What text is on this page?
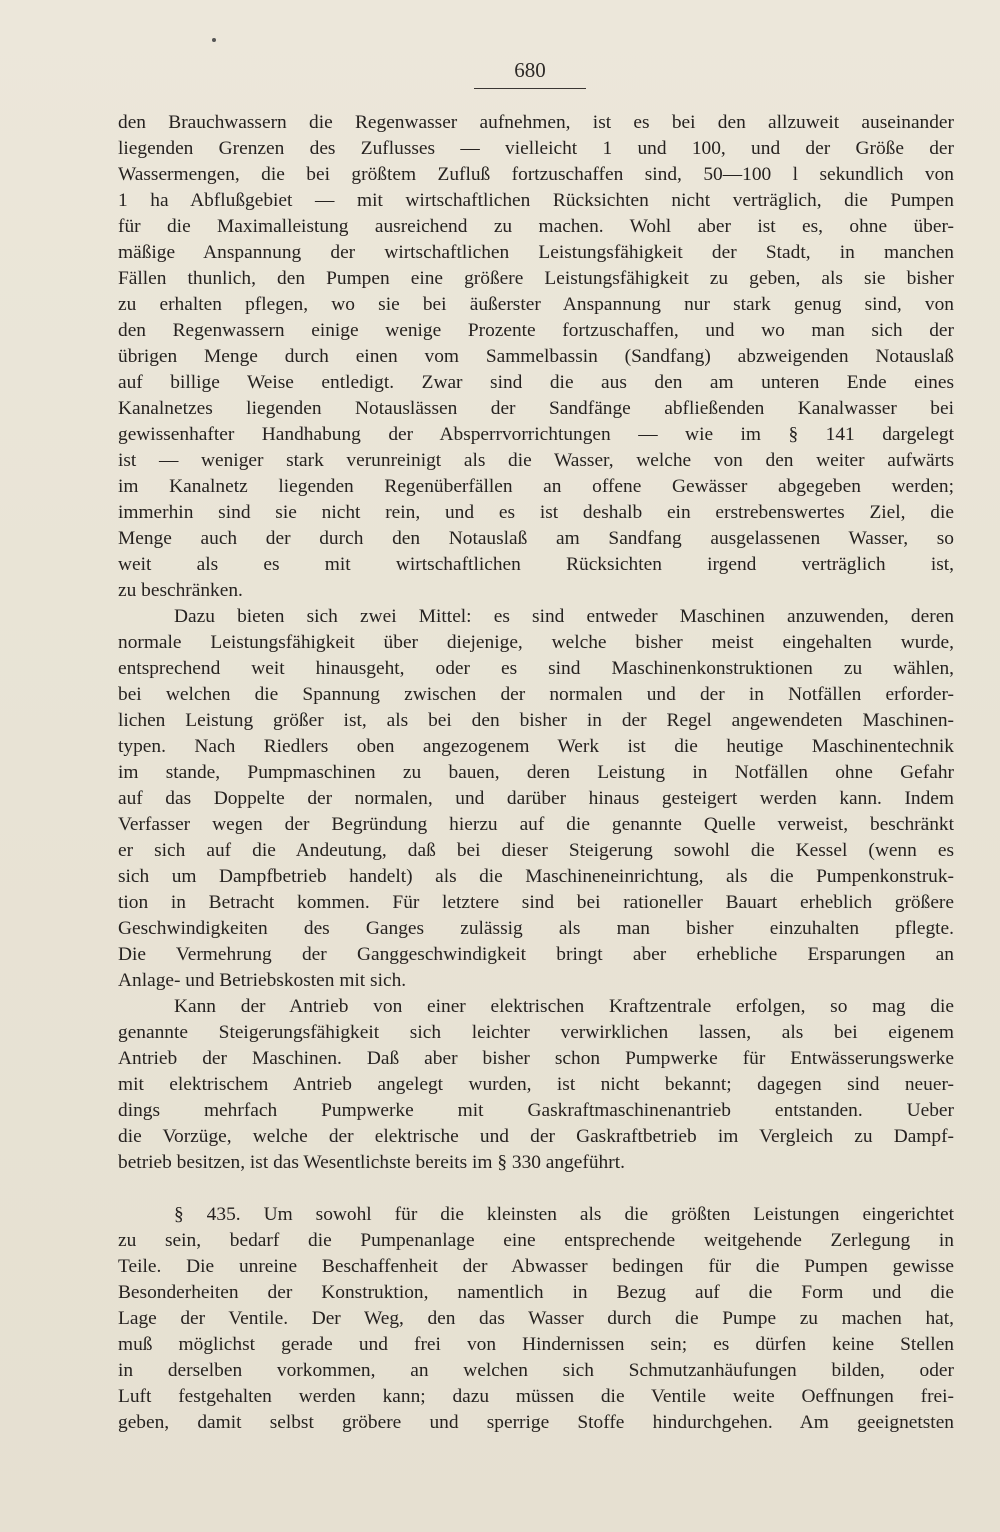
680
den Brauchwassern die Regenwasser aufnehmen, ist es bei den allzuweit auseinander
liegenden Grenzen des Zuflusses — vielleicht 1 und 100, und der Größe der
Wassermengen, die bei größtem Zufluß fortzuschaffen sind, 50—100 l sekundlich von
1 ha Abflußgebiet — mit wirtschaftlichen Rücksichten nicht verträglich, die Pumpen
für die Maximalleistung ausreichend zu machen. Wohl aber ist es, ohne über-
mäßige Anspannung der wirtschaftlichen Leistungsfähigkeit der Stadt, in manchen
Fällen thunlich, den Pumpen eine größere Leistungsfähigkeit zu geben, als sie bisher
zu erhalten pflegen, wo sie bei äußerster Anspannung nur stark genug sind, von
den Regenwassern einige wenige Prozente fortzuschaffen, und wo man sich der
übrigen Menge durch einen vom Sammelbassin (Sandfang) abzweigenden Notauslaß
auf billige Weise entledigt. Zwar sind die aus den am unteren Ende eines
Kanalnetzes liegenden Notauslässen der Sandfänge abfließenden Kanalwasser bei
gewissenhafter Handhabung der Absperrvorrichtungen — wie im § 141 dargelegt
ist — weniger stark verunreinigt als die Wasser, welche von den weiter aufwärts
im Kanalnetz liegenden Regenüberfällen an offene Gewässer abgegeben werden;
immerhin sind sie nicht rein, und es ist deshalb ein erstrebenswertes Ziel, die
Menge auch der durch den Notauslaß am Sandfang ausgelassenen Wasser, so
weit als es mit wirtschaftlichen Rücksichten irgend verträglich ist,
zu beschränken.
Dazu bieten sich zwei Mittel: es sind entweder Maschinen anzuwenden, deren
normale Leistungsfähigkeit über diejenige, welche bisher meist eingehalten wurde,
entsprechend weit hinausgeht, oder es sind Maschinenkonstruktionen zu wählen,
bei welchen die Spannung zwischen der normalen und der in Notfällen erforder-
lichen Leistung größer ist, als bei den bisher in der Regel angewendeten Maschinen-
typen. Nach Riedlers oben angezogenem Werk ist die heutige Maschinentechnik
im stande, Pumpmaschinen zu bauen, deren Leistung in Notfällen ohne Gefahr
auf das Doppelte der normalen, und darüber hinaus gesteigert werden kann. Indem
Verfasser wegen der Begründung hierzu auf die genannte Quelle verweist, beschränkt
er sich auf die Andeutung, daß bei dieser Steigerung sowohl die Kessel (wenn es
sich um Dampfbetrieb handelt) als die Maschineneinrichtung, als die Pumpenkonstruk-
tion in Betracht kommen. Für letztere sind bei rationeller Bauart erheblich größere
Geschwindigkeiten des Ganges zulässig als man bisher einzuhalten pflegte.
Die Vermehrung der Ganggeschwindigkeit bringt aber erhebliche Ersparungen an
Anlage- und Betriebskosten mit sich.
Kann der Antrieb von einer elektrischen Kraftzentrale erfolgen, so mag die
genannte Steigerungsfähigkeit sich leichter verwirklichen lassen, als bei eigenem
Antrieb der Maschinen. Daß aber bisher schon Pumpwerke für Entwässerungswerke
mit elektrischem Antrieb angelegt wurden, ist nicht bekannt; dagegen sind neuer-
dings mehrfach Pumpwerke mit Gaskraftmaschinenantrieb entstanden. Ueber
die Vorzüge, welche der elektrische und der Gaskraftbetrieb im Vergleich zu Dampf-
betrieb besitzen, ist das Wesentlichste bereits im § 330 angeführt.
§ 435. Um sowohl für die kleinsten als die größten Leistungen eingerichtet
zu sein, bedarf die Pumpenanlage eine entsprechende weitgehende Zerlegung in
Teile. Die unreine Beschaffenheit der Abwasser bedingen für die Pumpen gewisse
Besonderheiten der Konstruktion, namentlich in Bezug auf die Form und die
Lage der Ventile. Der Weg, den das Wasser durch die Pumpe zu machen hat,
muß möglichst gerade und frei von Hindernissen sein; es dürfen keine Stellen
in derselben vorkommen, an welchen sich Schmutzanhäufungen bilden, oder
Luft festgehalten werden kann; dazu müssen die Ventile weite Oeffnungen frei-
geben, damit selbst gröbere und sperrige Stoffe hindurchgehen. Am geeignetsten
